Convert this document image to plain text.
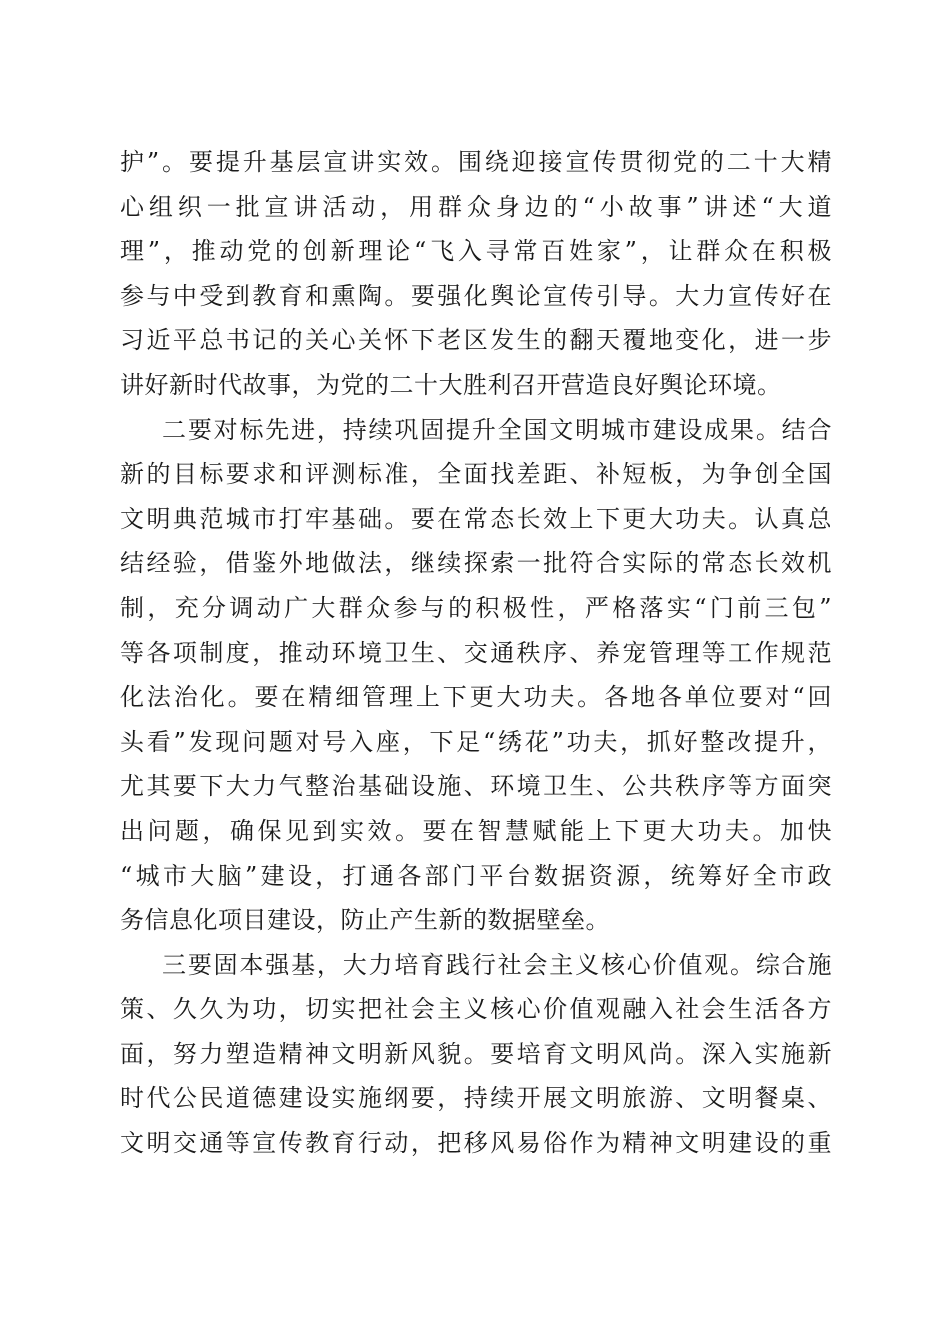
护”。要提升基层宣讲实效。围绕迎接宣传贯彻党的二十大精
心组织一批宣讲活动，用群众身边的“小故事”讲述“大道
理”，推动党的创新理论“飞入寻常百姓家”，让群众在积极
参与中受到教育和熏陶。要强化舆论宣传引导。大力宣传好在
习近平总书记的关心关怀下老区发生的翻天覆地变化，进一步
讲好新时代故事，为党的二十大胜利召开营造良好舆论环境。
二要对标先进，持续巩固提升全国文明城市建设成果。结合
新的目标要求和评测标准，全面找差距、补短板，为争创全国
文明典范城市打牢基础。要在常态长效上下更大功夫。认真总
结经验，借鉴外地做法，继续探索一批符合实际的常态长效机
制，充分调动广大群众参与的积极性，严格落实“门前三包”
等各项制度，推动环境卫生、交通秩序、养宠管理等工作规范
化法治化。要在精细管理上下更大功夫。各地各单位要对“回
头看”发现问题对号入座，下足“绣花”功夫，抓好整改提升，
尤其要下大力气整治基础设施、环境卫生、公共秩序等方面突
出问题，确保见到实效。要在智慧赋能上下更大功夫。加快
“城市大脑”建设，打通各部门平台数据资源，统筹好全市政
务信息化项目建设，防止产生新的数据壁垒。
三要固本强基，大力培育践行社会主义核心价值观。综合施
策、久久为功，切实把社会主义核心价值观融入社会生活各方
面，努力塑造精神文明新风貌。要培育文明风尚。深入实施新
时代公民道德建设实施纲要，持续开展文明旅游、文明餐桌、
文明交通等宣传教育行动，把移风易俗作为精神文明建设的重
